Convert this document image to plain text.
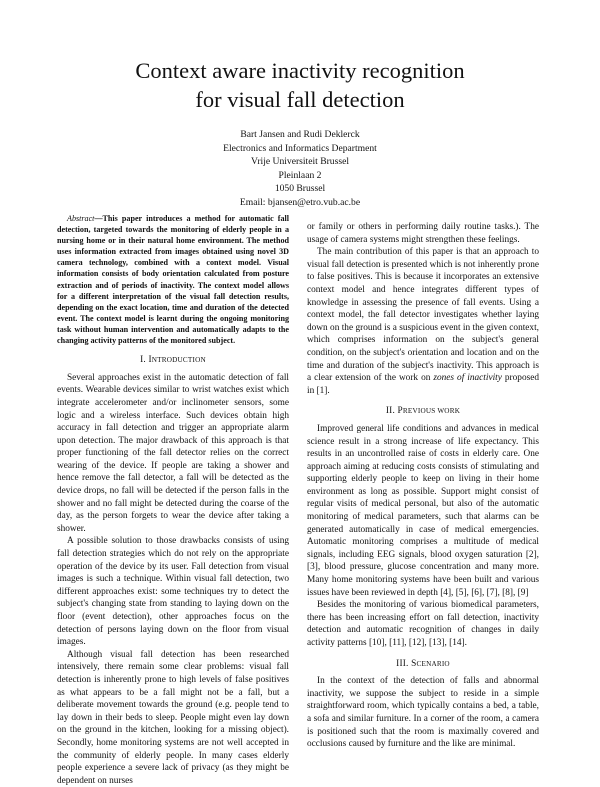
Context aware inactivity recognition
for visual fall detection
Bart Jansen and Rudi Deklerck
Electronics and Informatics Department
Vrije Universiteit Brussel
Pleinlaan 2
1050 Brussel
Email: bjansen@etro.vub.ac.be

Abstract—This paper introduces a method for automatic fall detection, targeted towards the monitoring of elderly people in a nursing home or in their natural home environment. The method uses information extracted from images obtained using novel 3D camera technology, combined with a context model. Visual information consists of body orientation calculated from posture extraction and of periods of inactivity. The context model allows for a different interpretation of the visual fall detection results, depending on the exact location, time and duration of the detected event. The context model is learnt during the ongoing monitoring task without human intervention and automatically adapts to the changing activity patterns of the monitored subject.

I. INTRODUCTION

Several approaches exist in the automatic detection of fall events. Wearable devices similar to wrist watches exist which integrate accelerometer and/or inclinometer sensors, some logic and a wireless interface. Such devices obtain high accuracy in fall detection and trigger an appropriate alarm upon detection. The major drawback of this approach is that proper functioning of the fall detector relies on the correct wearing of the device. If people are taking a shower and hence remove the fall detector, a fall will be detected as the device drops, no fall will be detected if the person falls in the shower and no fall might be detected during the coarse of the day, as the person forgets to wear the device after taking a shower.

A possible solution to those drawbacks consists of using fall detection strategies which do not rely on the appropriate operation of the device by its user. Fall detection from visual images is such a technique. Within visual fall detection, two different approaches exist: some techniques try to detect the subject's changing state from standing to laying down on the floor (event detection), other approaches focus on the detection of persons laying down on the floor from visual images.

Although visual fall detection has been researched intensively, there remain some clear problems: visual fall detection is inherently prone to high levels of false positives as what appears to be a fall might not be a fall, but a deliberate movement towards the ground (e.g. people tend to lay down in their beds to sleep. People might even lay down on the ground in the kitchen, looking for a missing object). Secondly, home monitoring systems are not well accepted in the community of elderly people. In many cases elderly people experience a severe lack of privacy (as they might be dependent on nurses

or family or others in performing daily routine tasks.). The usage of camera systems might strengthen these feelings.

The main contribution of this paper is that an approach to visual fall detection is presented which is not inherently prone to false positives. This is because it incorporates an extensive context model and hence integrates different types of knowledge in assessing the presence of fall events. Using a context model, the fall detector investigates whether laying down on the ground is a suspicious event in the given context, which comprises information on the subject's general condition, on the subject's orientation and location and on the time and duration of the subject's inactivity. This approach is a clear extension of the work on zones of inactivity proposed in [1].

II. PREVIOUS WORK

Improved general life conditions and advances in medical science result in a strong increase of life expectancy. This results in an uncontrolled raise of costs in elderly care. One approach aiming at reducing costs consists of stimulating and supporting elderly people to keep on living in their home environment as long as possible. Support might consist of regular visits of medical personal, but also of the automatic monitoring of medical parameters, such that alarms can be generated automatically in case of medical emergencies. Automatic monitoring comprises a multitude of medical signals, including EEG signals, blood oxygen saturation [2], [3], blood pressure, glucose concentration and many more. Many home monitoring systems have been built and various issues have been reviewed in depth [4], [5], [6], [7], [8], [9]

Besides the monitoring of various biomedical parameters, there has been increasing effort on fall detection, inactivity detection and automatic recognition of changes in daily activity patterns [10], [11], [12], [13], [14].

III. SCENARIO

In the context of the detection of falls and abnormal inactivity, we suppose the subject to reside in a simple straightforward room, which typically contains a bed, a table, a sofa and similar furniture. In a corner of the room, a camera is positioned such that the room is maximally covered and occlusions caused by furniture and the like are minimal.
